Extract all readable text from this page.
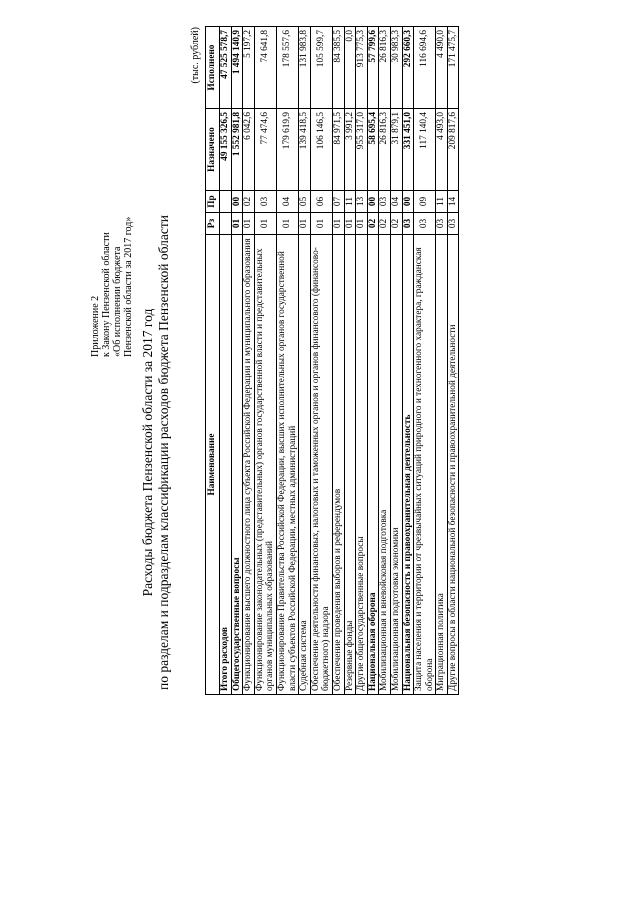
Приложение 2 к Закону Пензенской области «Об исполнении бюджета Пензенской области за 2017 год»
Расходы бюджета Пензенской области за 2017 год по разделам и подразделам классификации расходов бюджета Пензенской области
(тыс. рублей)
Наименование	Рз	Пр	Назначено	Исполнено
Итого расходов			49 155 326,5	47 525 578,7
Общегосударственные вопросы	01	00	1 552 981,8	1 494 140,9
Функционирование высшего должностного лица субъекта Российской Федерации и муниципального образования	01	02	6 042,6	5 197,2
Функционирование законодательных (представительных) органов государственной власти и представительных органов муниципальных образований	01	03	77 474,6	74 641,8
Функционирование Правительства Российской Федерации, высших исполнительных органов государственной власти субъектов Российской Федерации, местных администраций	01	04	179 619,9	178 557,6
Судебная система	01	05	139 418,5	131 983,8
Обеспечение деятельности финансовых, налоговых и таможенных органов и органов финансового (финансово-бюджетного) надзора	01	06	106 146,5	105 599,7
Обеспечение проведения выборов и референдумов	01	07	84 971,5	84 385,5
Резервные фонды	01	11	3 991,2	0,0
Другие общегосударственные вопросы	01	13	955 317,0	913 775,3
Национальная оборона	02	00	58 695,4	57 799,6
Мобилизационная и вневойсковая подготовка	02	03	26 816,3	26 816,3
Мобилизационная подготовка экономики	02	04	31 879,1	30 983,3
Национальная безопасность и правоохранительная деятельность	03	00	331 451,0	292 660,3
Защита населения и территории от чрезвычайных ситуаций природного и техногенного характера, гражданская оборона	03	09	117 140,4	116 694,6
Миграционная политика	03	11	4 493,0	4 490,0
Другие вопросы в области национальной безопасности и правоохранительной деятельности	03	14	209 817,6	171 475,7
